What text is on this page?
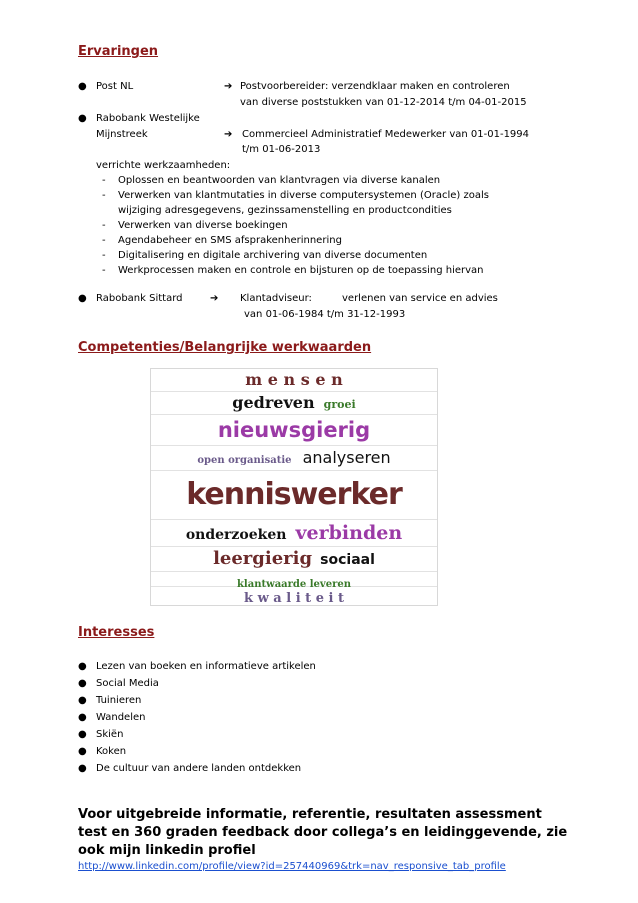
Ervaringen
● Post NL	➔ Postvoorbereider: verzendklaar maken en controleren
van diverse poststukken van 01-12-2014 t/m 04-01-2015
● Rabobank Westelijke
Mijnstreek	➔ Commercieel Administratief Medewerker van 01-01-1994
t/m 01-06-2013
verrichte werkzaamheden:
- Oplossen en beantwoorden van klantvragen via diverse kanalen
- Verwerken van klantmutaties in diverse computersystemen (Oracle) zoals
wijziging adresgegevens, gezinssamenstelling en productcondities
- Verwerken van diverse boekingen
- Agendabeheer en SMS afsprakenherinnering
- Digitalisering en digitale archivering van diverse documenten
- Werkprocessen maken en controle en bijsturen op de toepassing hiervan
● Rabobank Sittard	➔ Klantadviseur:	verlenen van service en advies
van 01-06-1984 t/m 31-12-1993
Competenties/Belangrijke werkwaarden
m e n s e n
gedreven groei
nieuwsgierig
open organisatie analyseren
kenniswerker
onderzoeken verbinden
leergierig sociaal
klantwaarde leveren
k w a l i t e i t
Interesses
● Lezen van boeken en informatieve artikelen
● Social Media
● Tuinieren
● Wandelen
● Skiën
● Koken
● De cultuur van andere landen ontdekken
Voor uitgebreide informatie, referentie, resultaten assessment
test en 360 graden feedback door collega’s en leidinggevende, zie
ook mijn linkedin profiel
http://www.linkedin.com/profile/view?id=257440969&trk=nav_responsive_tab_profile
